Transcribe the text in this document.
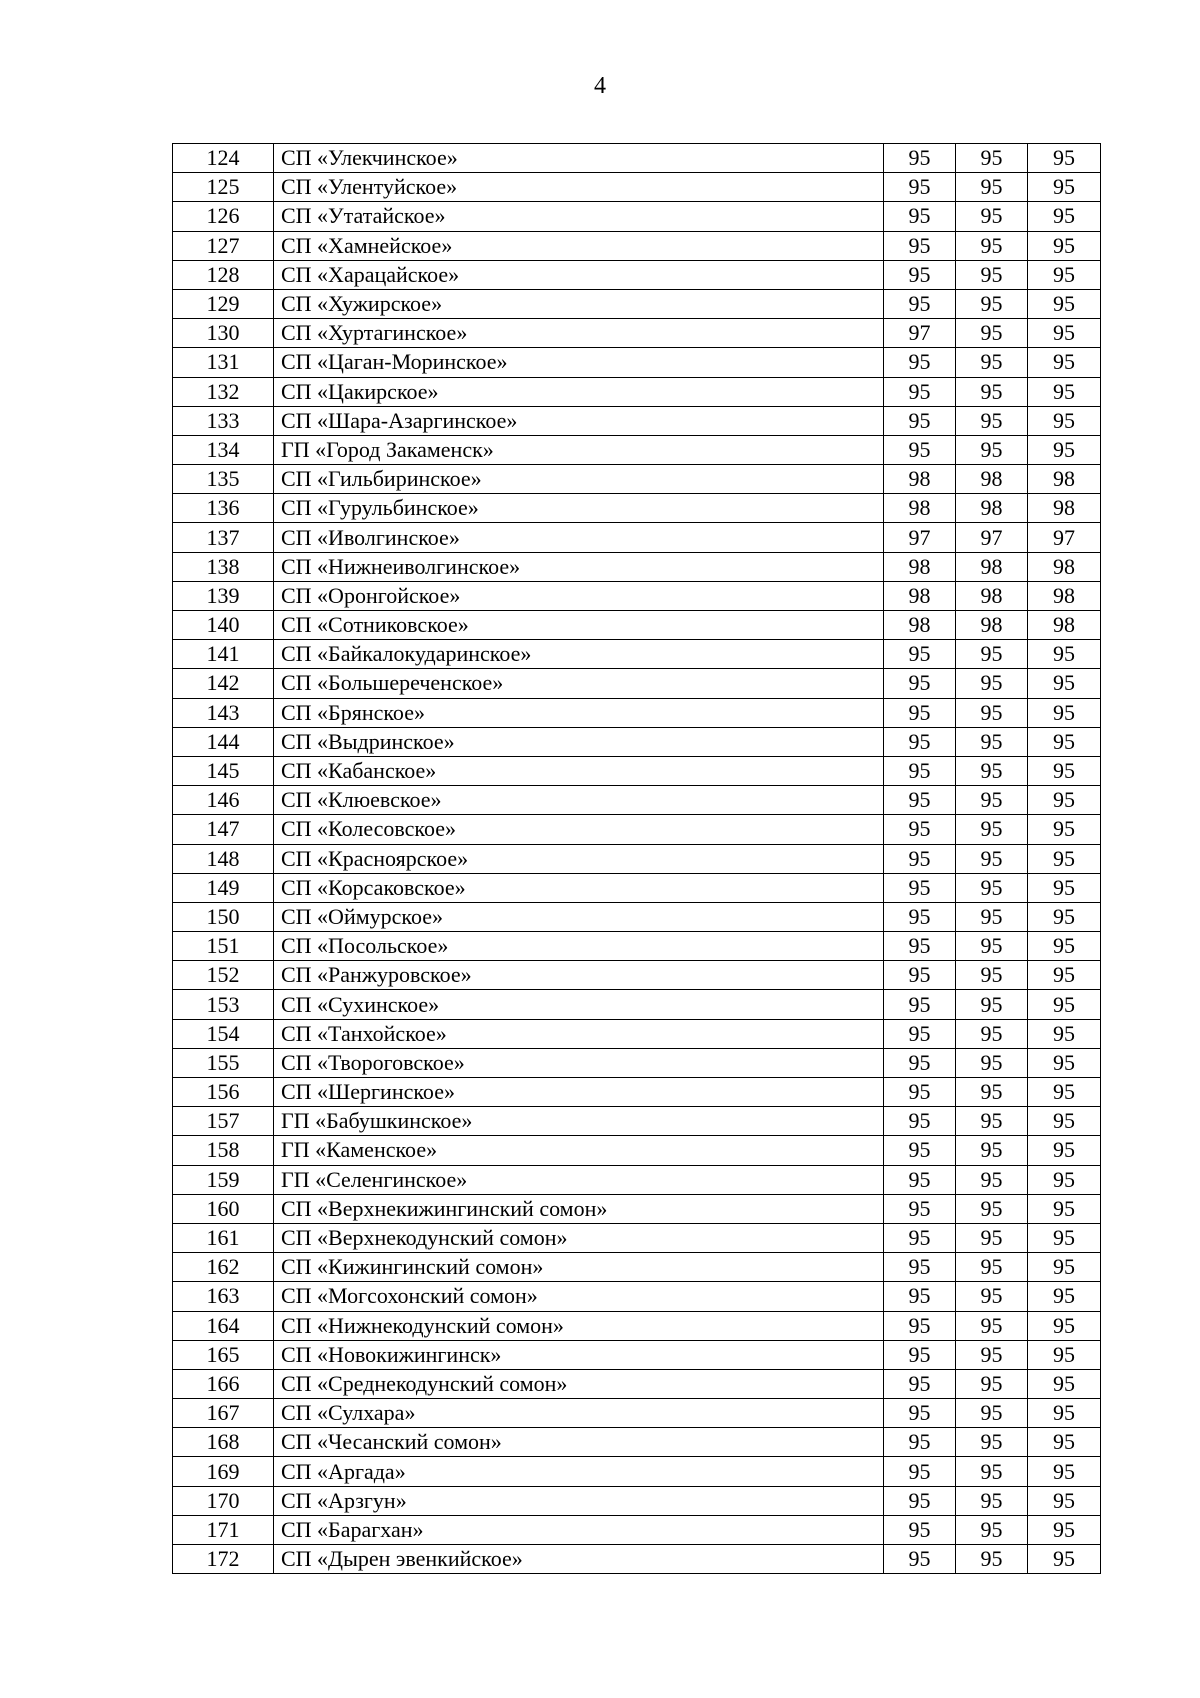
4
124	СП «Улекчинское»	95	95	95
125	СП «Улентуйское»	95	95	95
126	СП «Утатайское»	95	95	95
127	СП «Хамнейское»	95	95	95
128	СП «Харацайское»	95	95	95
129	СП «Хужирское»	95	95	95
130	СП «Хуртагинское»	97	95	95
131	СП «Цаган-Моринское»	95	95	95
132	СП «Цакирское»	95	95	95
133	СП «Шара-Азаргинское»	95	95	95
134	ГП «Город Закаменск»	95	95	95
135	СП «Гильбиринское»	98	98	98
136	СП «Гурульбинское»	98	98	98
137	СП «Иволгинское»	97	97	97
138	СП «Нижнеиволгинское»	98	98	98
139	СП «Оронгойское»	98	98	98
140	СП «Сотниковское»	98	98	98
141	СП «Байкалокударинское»	95	95	95
142	СП «Большереченское»	95	95	95
143	СП «Брянское»	95	95	95
144	СП «Выдринское»	95	95	95
145	СП «Кабанское»	95	95	95
146	СП «Клюевское»	95	95	95
147	СП «Колесовское»	95	95	95
148	СП «Красноярское»	95	95	95
149	СП «Корсаковское»	95	95	95
150	СП «Оймурское»	95	95	95
151	СП «Посольское»	95	95	95
152	СП «Ранжуровское»	95	95	95
153	СП «Сухинское»	95	95	95
154	СП «Танхойское»	95	95	95
155	СП «Твороговское»	95	95	95
156	СП «Шергинское»	95	95	95
157	ГП «Бабушкинское»	95	95	95
158	ГП «Каменское»	95	95	95
159	ГП «Селенгинское»	95	95	95
160	СП «Верхнекижингинский сомон»	95	95	95
161	СП «Верхнекодунский сомон»	95	95	95
162	СП «Кижингинский сомон»	95	95	95
163	СП «Могсохонский сомон»	95	95	95
164	СП «Нижнекодунский сомон»	95	95	95
165	СП «Новокижингинск»	95	95	95
166	СП «Среднекодунский сомон»	95	95	95
167	СП «Сулхара»	95	95	95
168	СП «Чесанский сомон»	95	95	95
169	СП «Аргада»	95	95	95
170	СП «Арзгун»	95	95	95
171	СП «Барагхан»	95	95	95
172	СП «Дырен эвенкийское»	95	95	95
